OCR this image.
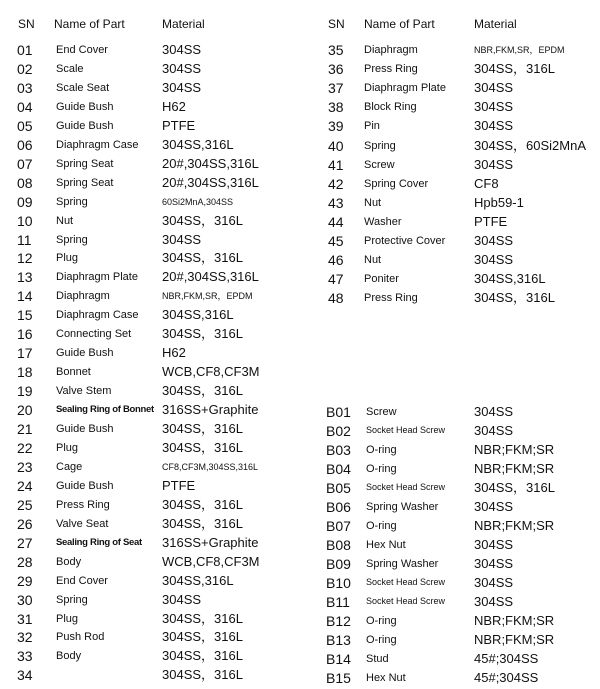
SN Name of Part	Material
01 End Cover	304SS
02 Scale	304SS
03 Scale Seat	304SS
04 Guide Bush	H62
05 Guide Bush	PTFE
06 Diaphragm Case 304SS,316L
07 Spring Seat	20#,304SS,316L
08 Spring Seat	20#,304SS,316L
09 Spring	60Si2MnA,304SS
10 Nut	304SS，316L
11 Spring	304SS
12 Plug	304SS，316L
13 Diaphragm Plate 20#,304SS,316L
14 Diaphragm	NBR,FKM,SR，EPDM
15 Diaphragm Case 304SS,316L
16 Connecting Set 304SS，316L
17 Guide Bush	H62
18 Bonnet	WCB,CF8,CF3M
19 Valve Stem	304SS，316L
20 Sealing Ring of Bonnet 316SS+Graphite
21 Guide Bush	304SS，316L
22 Plug	304SS，316L
23 Cage	CF8,CF3M,304SS,316L
24 Guide Bush	PTFE
25 Press Ring	304SS，316L
26 Valve Seat	304SS，316L
27 Sealing Ring of Seat 316SS+Graphite
28 Body	WCB,CF8,CF3M
29 End Cover	304SS,316L
30 Spring	304SS
31 Plug	304SS，316L
32 Push Rod	304SS，316L
33 Body	304SS，316L
34	304SS，316L
SN Name of Part	Material
35 Diaphragm	NBR,FKM,SR，EPDM
36 Press Ring	304SS，316L
37 Diaphragm Plate 304SS
38 Block Ring	304SS
39 Pin	304SS
40 Spring	304SS，60Si2MnA
41 Screw	304SS
42 Spring Cover	CF8
43 Nut	Hpb59-1
44 Washer	PTFE
45 Protective Cover 304SS
46 Nut	304SS
47 Poniter	304SS,316L
48 Press Ring	304SS，316L
B01 Screw	304SS
B02 Socket Head Screw 304SS
B03 O-ring	NBR;FKM;SR
B04 O-ring	NBR;FKM;SR
B05 Socket Head Screw 304SS，316L
B06 Spring Washer	304SS
B07 O-ring	NBR;FKM;SR
B08 Hex Nut	304SS
B09 Spring Washer	304SS
B10 Socket Head Screw 304SS
B11 Socket Head Screw 304SS
B12 O-ring	NBR;FKM;SR
B13 O-ring	NBR;FKM;SR
B14 Stud	45#;304SS
B15 Hex Nut	45#;304SS
